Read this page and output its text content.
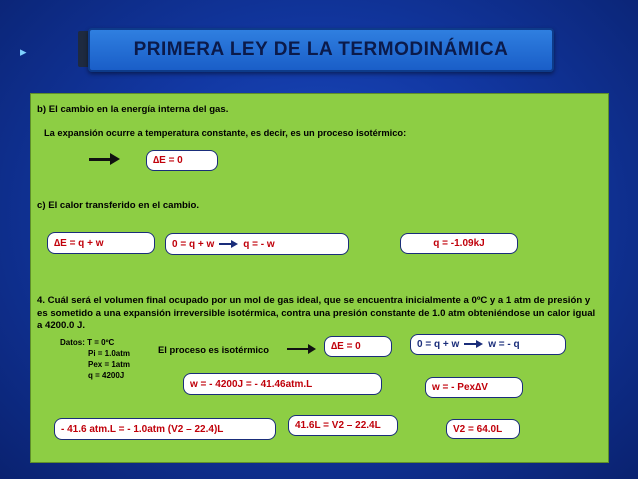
▸	PRIMERA LEY DE LA TERMODINÁMICA
b) El cambio en la energía interna del gas.
La expansión ocurre a temperatura constante, es decir, es un proceso isotérmico:
∆E = 0
c) El calor transferido en el cambio.
∆E = q + w	0 = q + w	q = - w	q = -1.09kJ
4. Cuál será el volumen final ocupado por un mol de gas ideal, que se encuentra inicialmente a 0ºC y a 1 atm de presión y es sometido a una expansión irreversible isotérmica, contra una presión constante de 1.0 atm obteniéndose un calor igual a 4200.0 J.
Datos: T = 0ºC
Pi = 1.0atm
Pex = 1atm
q = 4200J
El proceso es isotérmico	∆E = 0	0 = q + w	w = - q
w = - 4200J = - 41.46atm.L	w = - Pex∆V
- 41.6 atm.L = - 1.0atm (V2 – 22.4)L	41.6L = V2 – 22.4L	V2 = 64.0L
